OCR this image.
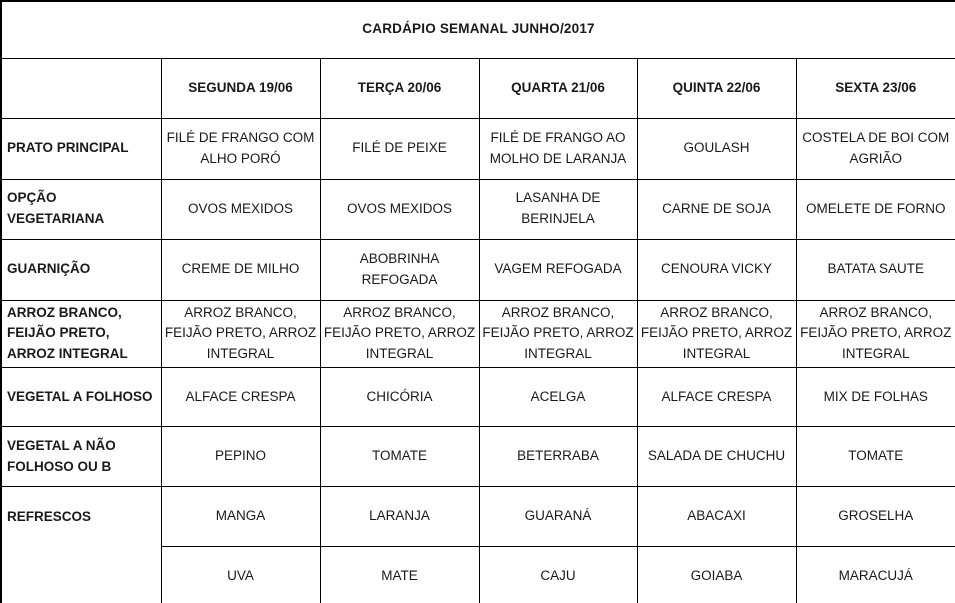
CARDÁPIO SEMANAL JUNHO/2017					
	SEGUNDA 19/06	TERÇA 20/06	QUARTA 21/06	QUINTA 22/06	SEXTA 23/06
PRATO PRINCIPAL	FILÉ DE FRANGO COM ALHO PORÓ	FILÉ DE PEIXE	FILÉ DE FRANGO AO MOLHO DE LARANJA	GOULASH	COSTELA DE BOI COM AGRIÃO
OPÇÃO VEGETARIANA	OVOS MEXIDOS	OVOS MEXIDOS	LASANHA DE BERINJELA	CARNE DE SOJA	OMELETE DE FORNO
GUARNIÇÃO	CREME DE MILHO	ABOBRINHA REFOGADA	VAGEM REFOGADA	CENOURA VICKY	BATATA SAUTE
ARROZ BRANCO, FEIJÃO PRETO, ARROZ INTEGRAL	ARROZ BRANCO, FEIJÃO PRETO, ARROZ INTEGRAL	ARROZ BRANCO, FEIJÃO PRETO, ARROZ INTEGRAL	ARROZ BRANCO, FEIJÃO PRETO, ARROZ INTEGRAL	ARROZ BRANCO, FEIJÃO PRETO, ARROZ INTEGRAL	ARROZ BRANCO, FEIJÃO PRETO, ARROZ INTEGRAL
VEGETAL A FOLHOSO	ALFACE CRESPA	CHICÓRIA	ACELGA	ALFACE CRESPA	MIX DE FOLHAS
VEGETAL A NÃO FOLHOSO OU B	PEPINO	TOMATE	BETERRABA	SALADA DE CHUCHU	TOMATE
REFRESCOS	MANGA	LARANJA	GUARANÁ	ABACAXI	GROSELHA
	UVA	MATE	CAJU	GOIABA	MARACUJÁ
